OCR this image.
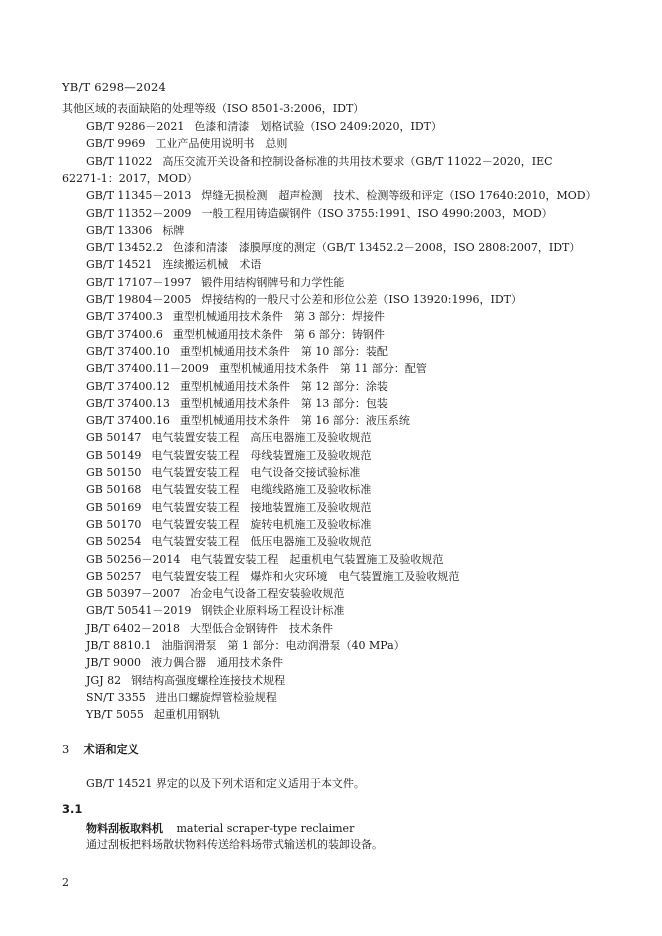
YB/T 6298—2024
其他区域的表面缺陷的处理等级（ISO 8501-3:2006，IDT）
GB/T 9286－2021 色漆和清漆　划格试验（ISO 2409:2020，IDT）
GB/T 9969 工业产品使用说明书　总则
GB/T 11022 高压交流开关设备和控制设备标准的共用技术要求（GB/T 11022－2020，IEC
62271-1：2017，MOD）
GB/T 11345－2013 焊缝无损检测　超声检测　技术、检测等级和评定（ISO 17640:2010，MOD）
GB/T 11352－2009 一般工程用铸造碳钢件（ISO 3755:1991、ISO 4990:2003，MOD）
GB/T 13306 标牌
GB/T 13452.2 色漆和清漆　漆膜厚度的测定（GB/T 13452.2－2008，ISO 2808:2007，IDT）
GB/T 14521 连续搬运机械　术语
GB/T 17107－1997 锻件用结构钢牌号和力学性能
GB/T 19804－2005 焊接结构的一般尺寸公差和形位公差（ISO 13920:1996，IDT）
GB/T 37400.3 重型机械通用技术条件　第 3 部分：焊接件
GB/T 37400.6 重型机械通用技术条件　第 6 部分：铸钢件
GB/T 37400.10 重型机械通用技术条件　第 10 部分：装配
GB/T 37400.11－2009 重型机械通用技术条件　第 11 部分：配管
GB/T 37400.12 重型机械通用技术条件　第 12 部分：涂装
GB/T 37400.13 重型机械通用技术条件　第 13 部分：包装
GB/T 37400.16 重型机械通用技术条件　第 16 部分：液压系统
GB 50147 电气装置安装工程　高压电器施工及验收规范
GB 50149 电气装置安装工程　母线装置施工及验收规范
GB 50150 电气装置安装工程　电气设备交接试验标准
GB 50168 电气装置安装工程　电缆线路施工及验收标准
GB 50169 电气装置安装工程　接地装置施工及验收规范
GB 50170 电气装置安装工程　旋转电机施工及验收标准
GB 50254 电气装置安装工程　低压电器施工及验收规范
GB 50256－2014 电气装置安装工程　起重机电气装置施工及验收规范
GB 50257 电气装置安装工程　爆炸和火灾环境　电气装置施工及验收规范
GB 50397－2007 冶金电气设备工程安装验收规范
GB/T 50541－2019 钢铁企业原料场工程设计标准
JB/T 6402－2018 大型低合金钢铸件　技术条件
JB/T 8810.1 油脂润滑泵　第 1 部分：电动润滑泵（40 MPa）
JB/T 9000 液力偶合器　通用技术条件
JGJ 82 钢结构高强度螺栓连接技术规程
SN/T 3355 进出口螺旋焊管检验规程
YB/T 5055 起重机用钢轨
3 术语和定义
GB/T 14521 界定的以及下列术语和定义适用于本文件。
3.1
物料刮板取料机 material scraper-type reclaimer
通过刮板把料场散状物料传送给料场带式输送机的装卸设备。
2
